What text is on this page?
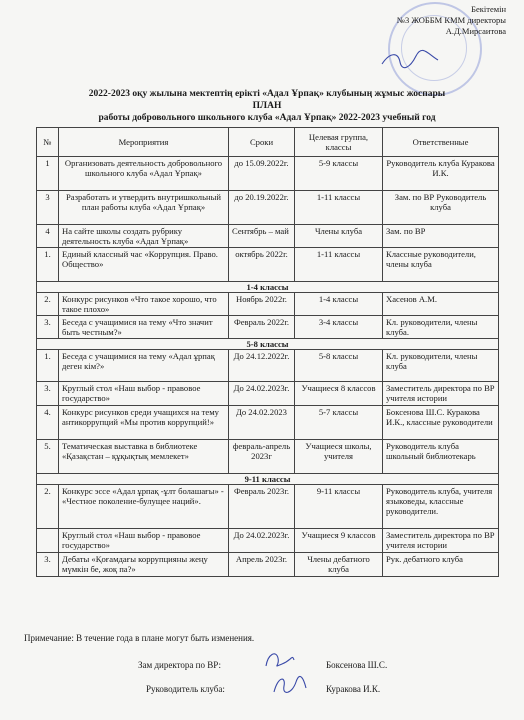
Бекітемін
№3 ЖОББМ КММ директоры
А.Д.Мирсаитова
2022-2023 оқу жылына мектептің ерікті «Адал Ұрпақ» клубының жұмыс жоспары
ПЛАН
работы добровольного школьного клуба «Адал Ұрпақ» 2022-2023 учебный год
№	Мероприятия	Сроки	Целевая группа, классы	Ответственные
1	Организовать деятельность добровольного школьного клуба «Адал Ұрпақ»	до 15.09.2022г.	5-9 классы	Руководитель клуба Куракова И.К.
3	Разработать и утвердить внутришкольный план работы клуба «Адал Ұрпақ»	до 20.19.2022г.	1-11 классы	Зам. по ВР Руководитель клуба
4	На сайте школы создать рубрику деятельность клуба «Адал Ұрпақ»	Сентябрь – май	Члены клуба	Зам. по ВР
1.	Единый классный час «Коррупция. Право. Общество»	октябрь 2022г.	1-11 классы	Классные руководители, члены клуба
1-4 классы				
2.	Конкурс рисунков «Что такое хорошо, что такое плохо»	Ноябрь 2022г.	1-4 классы	Хасенов А.М.
3.	Беседа с учащимися на тему «Что значит быть честным?»	Февраль 2022г.	3-4 классы	Кл. руководители, члены клуба.
5-8 классы				
1.	Беседа с учащимися на тему «Адал ұрпақ деген кім?»	До 24.12.2022г.	5-8 классы	Кл. руководители, члены клуба
3.	Круглый стол «Наш выбор - правовое государство»	До 24.02.2023г.	Учащиеся 8 классов	Заместитель директора по ВР учителя истории
4.	Конкурс рисунков среди учащихся на тему антикоррупций «Мы против коррупций!»	До 24.02.2023	5-7 классы	Боксенова Ш.С. Куракова И.К., классные руководители
5.	Тематическая выставка в библиотеке «Қазақстан – құқықтық мемлекет»	февраль-апрель 2023г	Учащиеся школы, учителя	Руководитель клуба школьный библиотекарь
9-11 классы				
2.	Конкурс эссе «Адал ұрпақ -ұлт болашағы» - «Честное поколение-булущее наций».	Февраль 2023г.	9-11 классы	Руководитель клуба, учителя языковеды, классные руководители.
	Круглый стол «Наш выбор - правовое государство»	До 24.02.2023г.	Учащиеся 9 классов	Заместитель директора по ВР учителя истории
3.	Дебаты «Қоғамдағы коррупцияны жеңу мүмкін бе, жоқ па?»	Апрель 2023г.	Члены дебатного клуба	Рук. дебатного клуба
Примечание: В течение года в плане могут быть изменения.
Зам директора по ВР:	Боксенова Ш.С.
Руководитель клуба:	Куракова И.К.
